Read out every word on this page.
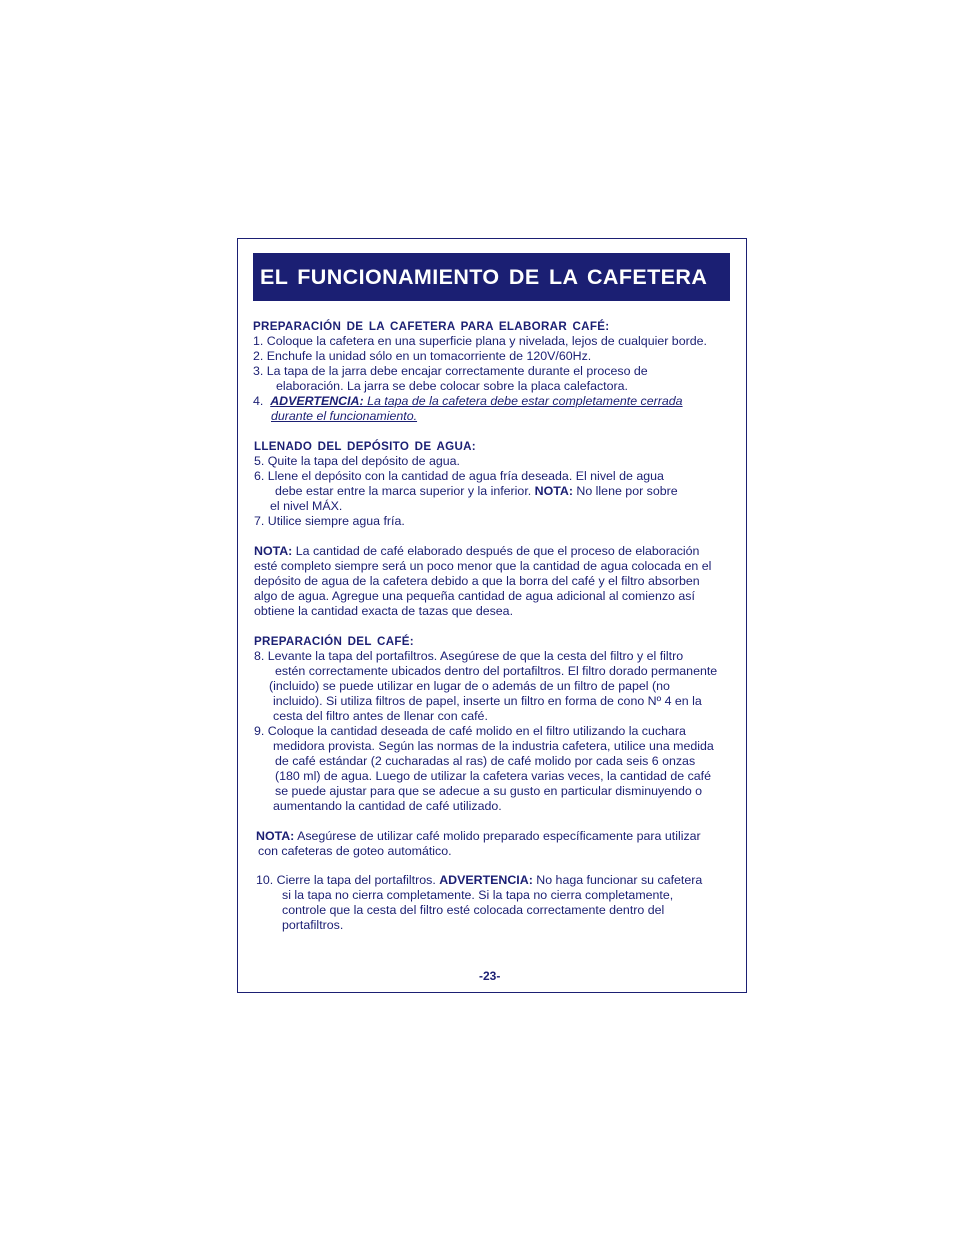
EL FUNCIONAMIENTO DE LA CAFETERA
PREPARACIÓN DE LA CAFETERA PARA ELABORAR CAFÉ:
1. Coloque la cafetera en una superficie plana y nivelada, lejos de cualquier borde.
2. Enchufe la unidad sólo en un tomacorriente de 120V/60Hz.
3. La tapa de la jarra debe encajar correctamente durante el proceso de
elaboración. La jarra se debe colocar sobre la placa calefactora.
4. ADVERTENCIA: La tapa de la cafetera debe estar completamente cerrada
durante el funcionamiento.
LLENADO DEL DEPÓSITO DE AGUA:
5. Quite la tapa del depósito de agua.
6. Llene el depósito con la cantidad de agua fría deseada. El nivel de agua
debe estar entre la marca superior y la inferior. NOTA: No llene por sobre
el nivel MÁX.
7. Utilice siempre agua fría.
NOTA: La cantidad de café elaborado después de que el proceso de elaboración
esté completo siempre será un poco menor que la cantidad de agua colocada en el
depósito de agua de la cafetera debido a que la borra del café y el filtro absorben
algo de agua. Agregue una pequeña cantidad de agua adicional al comienzo así
obtiene la cantidad exacta de tazas que desea.
PREPARACIÓN DEL CAFÉ:
8. Levante la tapa del portafiltros. Asegúrese de que la cesta del filtro y el filtro
estén correctamente ubicados dentro del portafiltros. El filtro dorado permanente
(incluido) se puede utilizar en lugar de o además de un filtro de papel (no
incluido). Si utiliza filtros de papel, inserte un filtro en forma de cono Nº 4 en la
cesta del filtro antes de llenar con café.
9. Coloque la cantidad deseada de café molido en el filtro utilizando la cuchara
medidora provista. Según las normas de la industria cafetera, utilice una medida
de café estándar (2 cucharadas al ras) de café molido por cada seis 6 onzas
(180 ml) de agua. Luego de utilizar la cafetera varias veces, la cantidad de café
se puede ajustar para que se adecue a su gusto en particular disminuyendo o
aumentando la cantidad de café utilizado.
NOTA: Asegúrese de utilizar café molido preparado específicamente para utilizar
con cafeteras de goteo automático.
10. Cierre la tapa del portafiltros. ADVERTENCIA: No haga funcionar su cafetera
si la tapa no cierra completamente. Si la tapa no cierra completamente,
controle que la cesta del filtro esté colocada correctamente dentro del
portafiltros.
-23-
